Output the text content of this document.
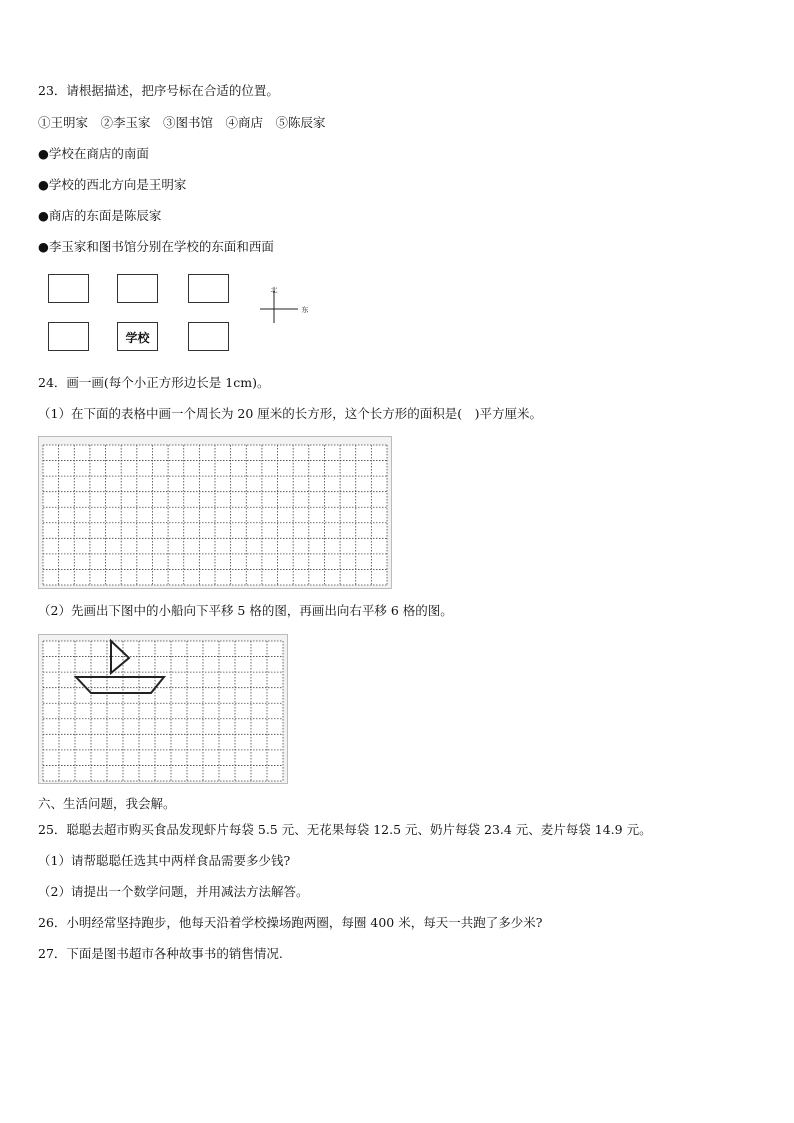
23．请根据描述，把序号标在合适的位置。
①王明家　②李玉家　③图书馆　④商店　⑤陈辰家
●学校在商店的南面
●学校的西北方向是王明家
●商店的东面是陈辰家
●李玉家和图书馆分别在学校的东面和西面
学校
北
东
24．画一画(每个小正方形边长是 1cm)。
（1）在下面的表格中画一个周长为 20 厘米的长方形，这个长方形的面积是(　)平方厘米。
（2）先画出下图中的小船向下平移 5 格的图，再画出向右平移 6 格的图。
六、生活问题，我会解。
25．聪聪去超市购买食品发现虾片每袋 5.5 元、无花果每袋 12.5 元、奶片每袋 23.4 元、麦片每袋 14.9 元。
（1）请帮聪聪任选其中两样食品需要多少钱?
（2）请提出一个数学问题，并用减法方法解答。
26．小明经常坚持跑步，他每天沿着学校操场跑两圈，每圈 400 米，每天一共跑了多少米?
27．下面是图书超市各种故事书的销售情况.
